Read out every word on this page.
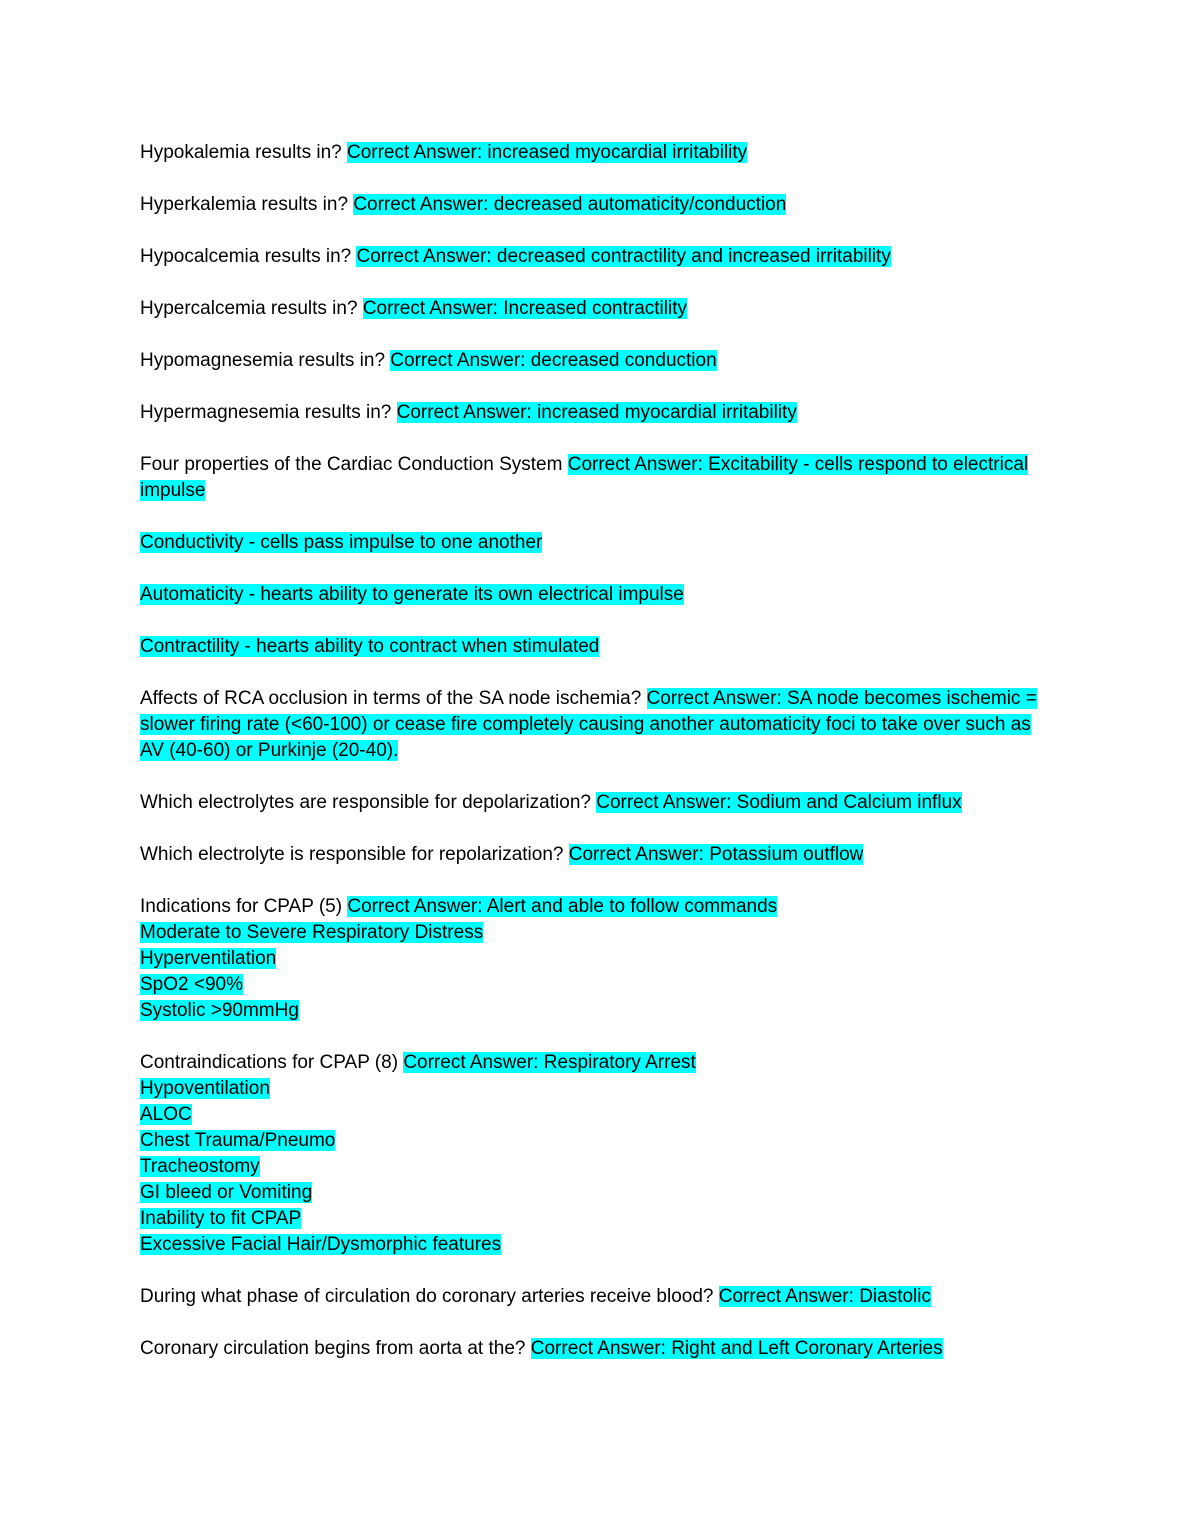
Hypokalemia results in? Correct Answer: increased myocardial irritability

Hyperkalemia results in? Correct Answer: decreased automaticity/conduction

Hypocalcemia results in? Correct Answer: decreased contractility and increased irritability

Hypercalcemia results in? Correct Answer: Increased contractility

Hypomagnesemia results in? Correct Answer: decreased conduction

Hypermagnesemia results in? Correct Answer: increased myocardial irritability

Four properties of the Cardiac Conduction System Correct Answer: Excitability - cells respond to electrical impulse

Conductivity - cells pass impulse to one another

Automaticity - hearts ability to generate its own electrical impulse

Contractility - hearts ability to contract when stimulated

Affects of RCA occlusion in terms of the SA node ischemia? Correct Answer: SA node becomes ischemic = slower firing rate (<60-100) or cease fire completely causing another automaticity foci to take over such as AV (40-60) or Purkinje (20-40).

Which electrolytes are responsible for depolarization? Correct Answer: Sodium and Calcium influx

Which electrolyte is responsible for repolarization? Correct Answer: Potassium outflow

Indications for CPAP (5) Correct Answer: Alert and able to follow commands
Moderate to Severe Respiratory Distress
Hyperventilation
SpO2 <90%
Systolic >90mmHg

Contraindications for CPAP (8) Correct Answer: Respiratory Arrest
Hypoventilation
ALOC
Chest Trauma/Pneumo
Tracheostomy
GI bleed or Vomiting
Inability to fit CPAP
Excessive Facial Hair/Dysmorphic features

During what phase of circulation do coronary arteries receive blood? Correct Answer: Diastolic

Coronary circulation begins from aorta at the? Correct Answer: Right and Left Coronary Arteries
